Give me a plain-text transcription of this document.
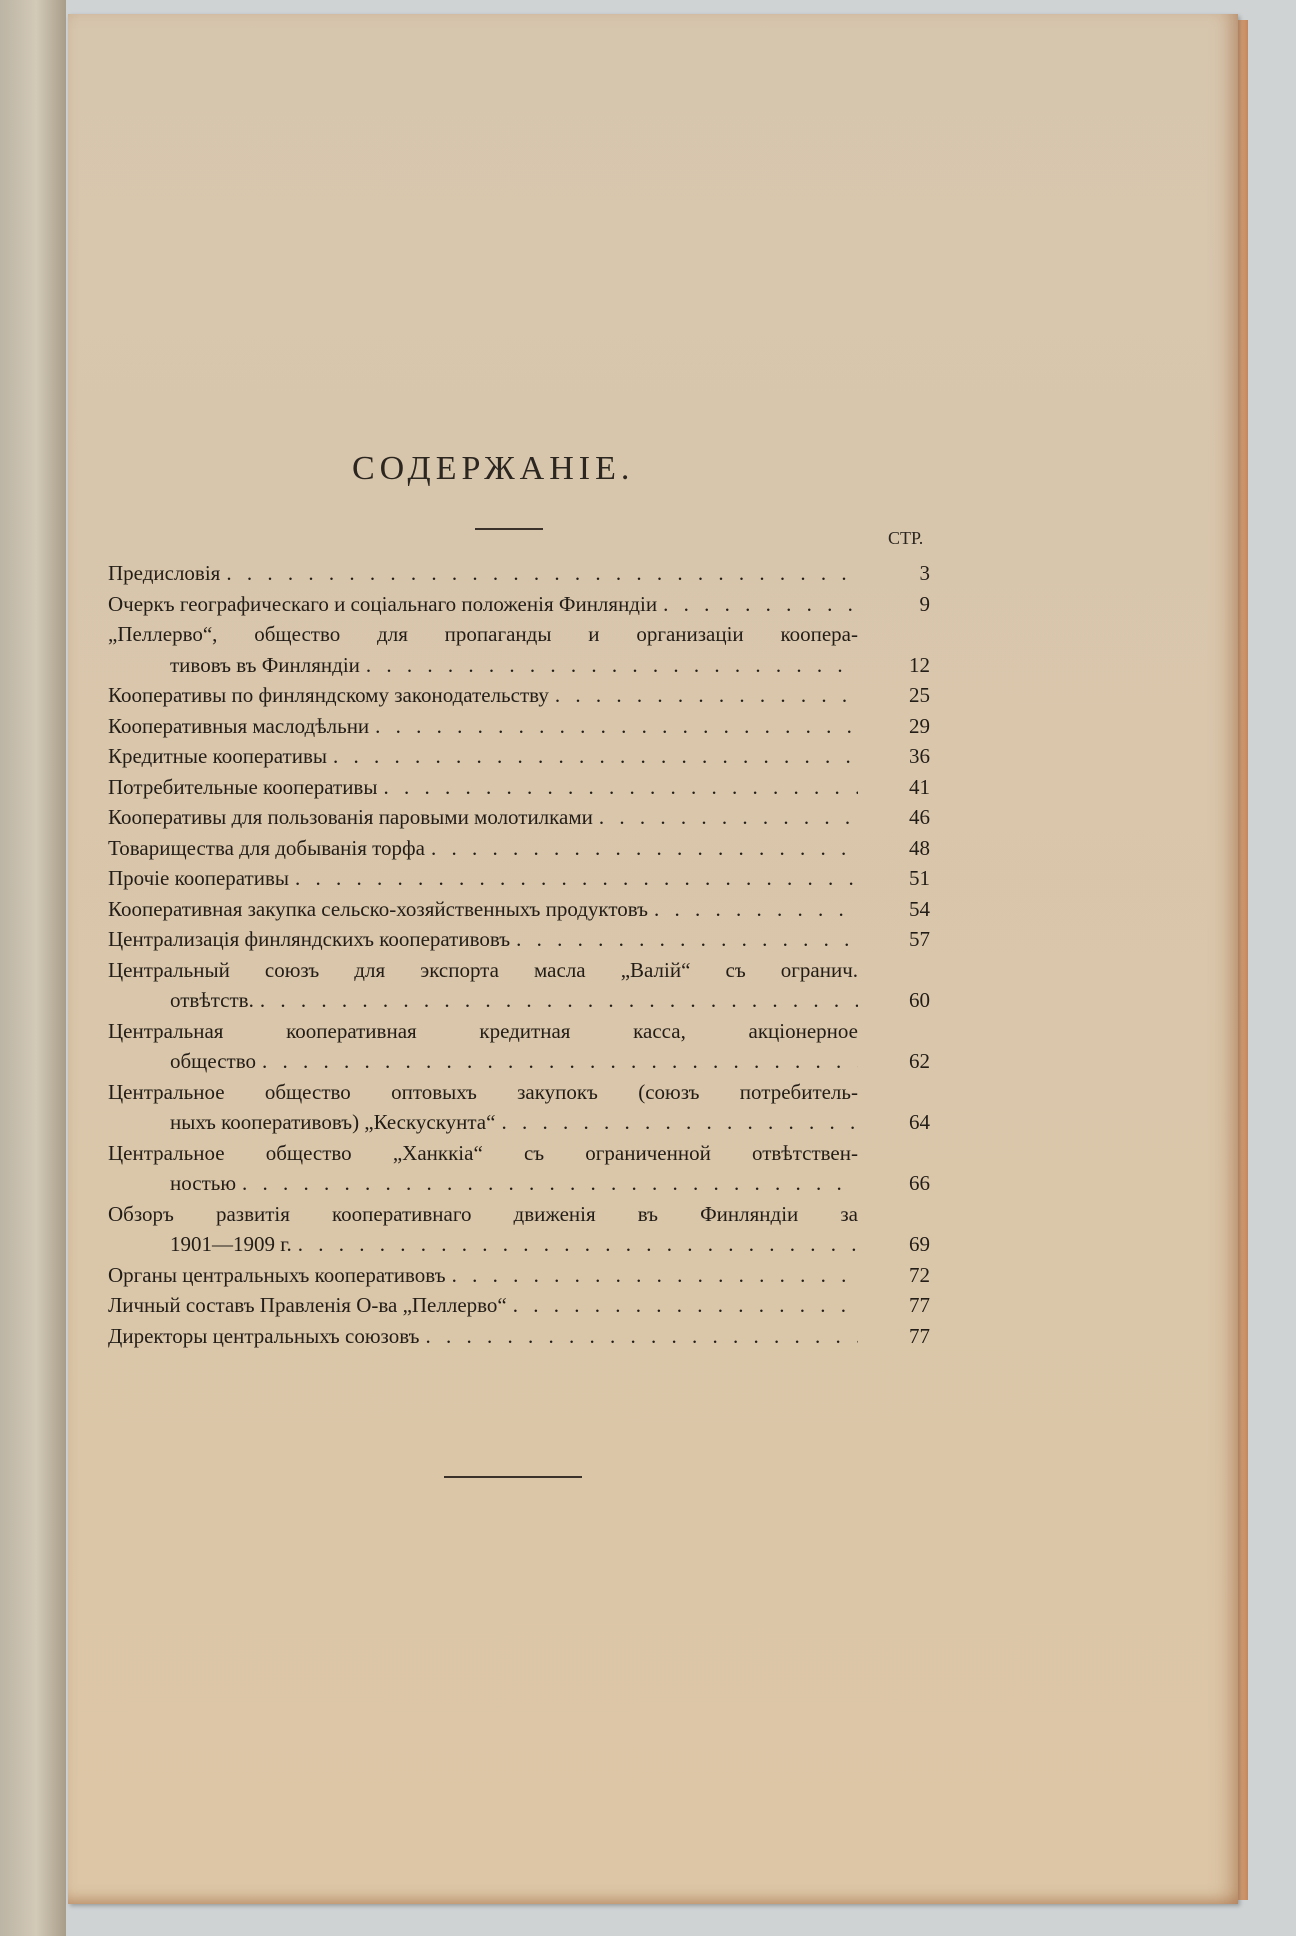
СОДЕРЖАНIЕ.
СТР.
Предисловiя . . .	3
Очеркъ географическаго и соцiальнаго положенiя Финляндiи . . .	9
„Пеллерво“, общество для пропаганды и организацiи коопера-
тивовъ въ Финляндiи . . .	12
Кооперативы по финляндскому законодательству . . .	25
Кооперативныя маслодѣльни . . .	29
Кредитные кооперативы . . .	36
Потребительные кооперативы . . .	41
Кооперативы для пользованiя паровыми молотилками . . .	46
Товарищества для добыванiя торфа . . .	48
Прочiе кооперативы . . .	51
Кооперативная закупка сельско-хозяйственныхъ продуктовъ . . .	54
Централизацiя финляндскихъ кооперативовъ . . .	57
Центральный союзъ для экспорта масла „Валiй“ съ огранич.
отвѣтств. . . .	60
Центральная кооперативная кредитная касса, акцiонерное
общество . . .	62
Центральное общество оптовыхъ закупокъ (союзъ потребитель-
ныхъ кооперативовъ) „Кескускунта“ . . .	64
Центральное общество „Ханккiа“ съ ограниченной отвѣтствен-
ностью . . .	66
Обзоръ развитiя кооперативнаго движенiя въ Финляндiи за
1901—1909 г. . . .	69
Органы центральныхъ кооперативовъ . . .	72
Личный составъ Правленiя О-ва „Пеллерво“ . . .	77
Директоры центральныхъ союзовъ . . .	77
